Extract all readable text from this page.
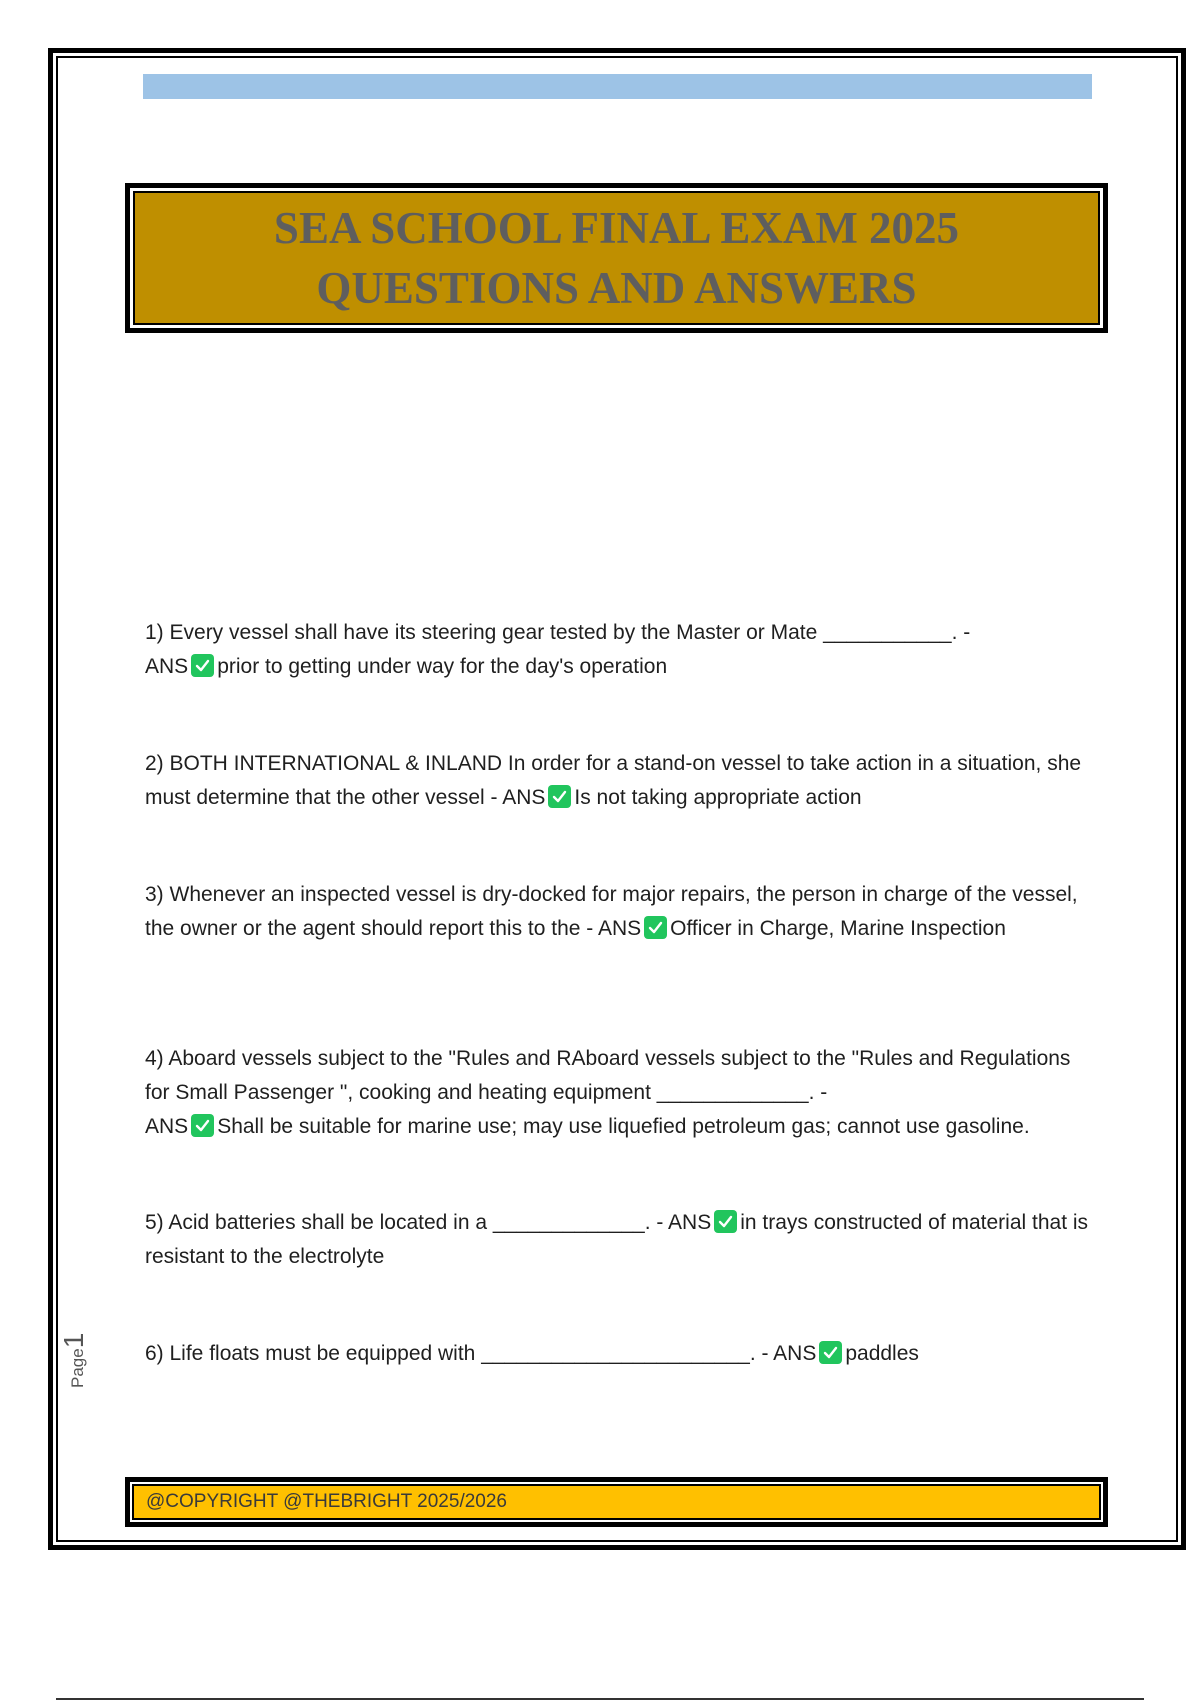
SEA SCHOOL FINAL EXAM 2025
QUESTIONS AND ANSWERS

1) Every vessel shall have its steering gear tested by the Master or Mate ___________. -
ANS prior to getting under way for the day's operation

2) BOTH INTERNATIONAL & INLAND In order for a stand-on vessel to take action in a situation, she must determine that the other vessel - ANS Is not taking appropriate action

3) Whenever an inspected vessel is dry-docked for major repairs, the person in charge of the vessel, the owner or the agent should report this to the - ANS Officer in Charge, Marine Inspection

4) Aboard vessels subject to the "Rules and RAboard vessels subject to the "Rules and Regulations for Small Passenger ", cooking and heating equipment _____________. -
ANS Shall be suitable for marine use; may use liquefied petroleum gas; cannot use gasoline.

5) Acid batteries shall be located in a _____________. - ANS in trays constructed of material that is resistant to the electrolyte

6) Life floats must be equipped with _______________________. - ANS paddles

Page1
@COPYRIGHT @THEBRIGHT 2025/2026
